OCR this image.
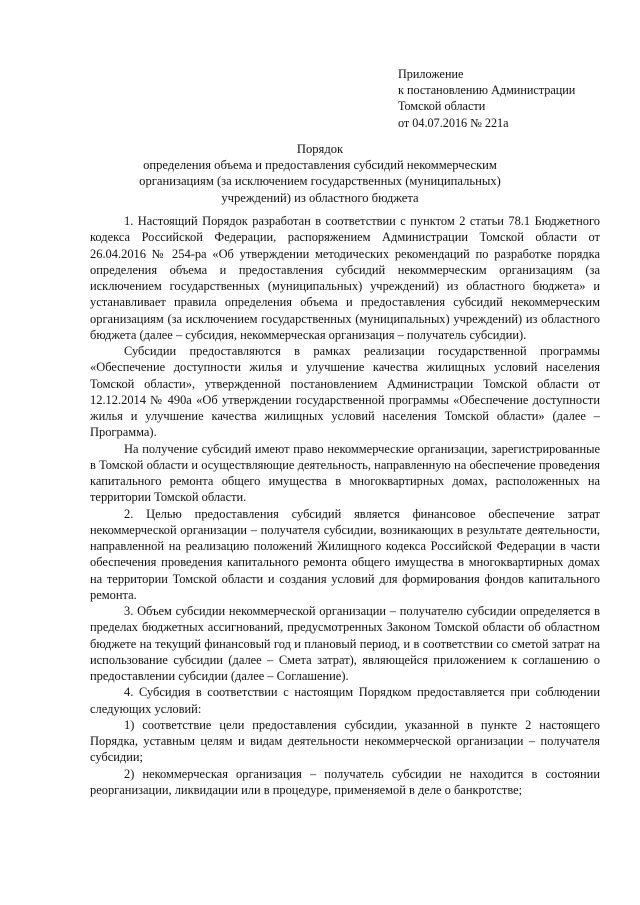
Приложение
к постановлению Администрации
Томской области
от 04.07.2016 № 221а
Порядок
определения объема и предоставления субсидий некоммерческим
организациям (за исключением государственных (муниципальных)
учреждений) из областного бюджета

1. Настоящий Порядок разработан в соответствии с пунктом 2 статьи 78.1 Бюджетного кодекса Российской Федерации, распоряжением Администрации Томской области от 26.04.2016 № 254-ра «Об утверждении методических рекомендаций по разработке порядка определения объема и предоставления субсидий некоммерческим организациям (за исключением государственных (муниципальных) учреждений) из областного бюджета» и устанавливает правила определения объема и предоставления субсидий некоммерческим организациям (за исключением государственных (муниципальных) учреждений) из областного бюджета (далее – субсидия, некоммерческая организация – получатель субсидии).

Субсидии предоставляются в рамках реализации государственной программы «Обеспечение доступности жилья и улучшение качества жилищных условий населения Томской области», утвержденной постановлением Администрации Томской области от 12.12.2014 № 490а «Об утверждении государственной программы «Обеспечение доступности жилья и улучшение качества жилищных условий населения Томской области» (далее – Программа).

На получение субсидий имеют право некоммерческие организации, зарегистрированные в Томской области и осуществляющие деятельность, направленную на обеспечение проведения капитального ремонта общего имущества в многоквартирных домах, расположенных на территории Томской области.

2. Целью предоставления субсидий является финансовое обеспечение затрат некоммерческой организации – получателя субсидии, возникающих в результате деятельности, направленной на реализацию положений Жилищного кодекса Российской Федерации в части обеспечения проведения капитального ремонта общего имущества в многоквартирных домах на территории Томской области и создания условий для формирования фондов капитального ремонта.

3. Объем субсидии некоммерческой организации – получателю субсидии определяется в пределах бюджетных ассигнований, предусмотренных Законом Томской области об областном бюджете на текущий финансовый год и плановый период, и в соответствии со сметой затрат на использование субсидии (далее – Смета затрат), являющейся приложением к соглашению о предоставлении субсидии (далее – Соглашение).

4. Субсидия в соответствии с настоящим Порядком предоставляется при соблюдении следующих условий:

1) соответствие цели предоставления субсидии, указанной в пункте 2 настоящего Порядка, уставным целям и видам деятельности некоммерческой организации – получателя субсидии;

2) некоммерческая организация – получатель субсидии не находится в состоянии реорганизации, ликвидации или в процедуре, применяемой в деле о банкротстве;
